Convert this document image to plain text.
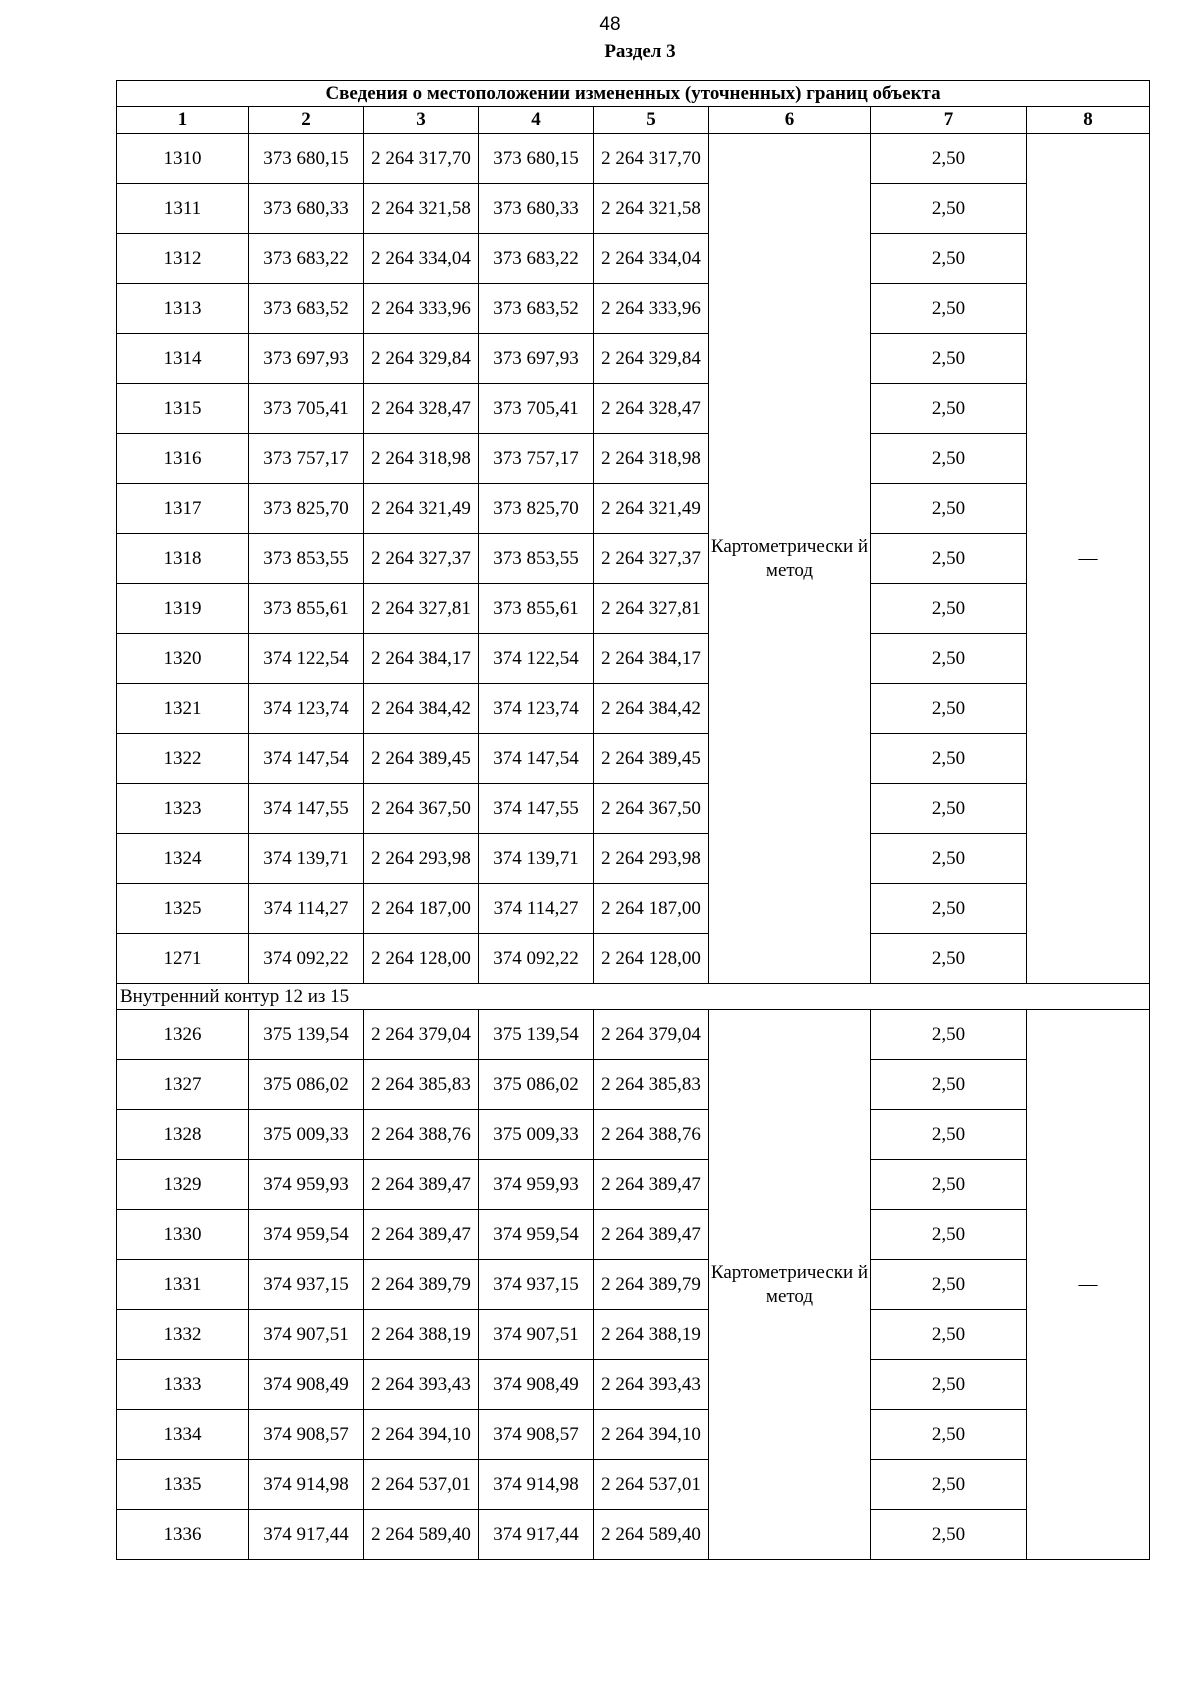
48
Раздел 3
Сведения о местоположении измененных (уточненных) границ объекта							
1	2	3	4	5	6	7	8
1310	373 680,15	2 264 317,70	373 680,15	2 264 317,70	Картометрически й метод	2,50	—
1311	373 680,33	2 264 321,58	373 680,33	2 264 321,58		2,50	
1312	373 683,22	2 264 334,04	373 683,22	2 264 334,04		2,50	
1313	373 683,52	2 264 333,96	373 683,52	2 264 333,96		2,50	
1314	373 697,93	2 264 329,84	373 697,93	2 264 329,84		2,50	
1315	373 705,41	2 264 328,47	373 705,41	2 264 328,47		2,50	
1316	373 757,17	2 264 318,98	373 757,17	2 264 318,98		2,50	
1317	373 825,70	2 264 321,49	373 825,70	2 264 321,49		2,50	
1318	373 853,55	2 264 327,37	373 853,55	2 264 327,37		2,50	
1319	373 855,61	2 264 327,81	373 855,61	2 264 327,81		2,50	
1320	374 122,54	2 264 384,17	374 122,54	2 264 384,17		2,50	
1321	374 123,74	2 264 384,42	374 123,74	2 264 384,42		2,50	
1322	374 147,54	2 264 389,45	374 147,54	2 264 389,45		2,50	
1323	374 147,55	2 264 367,50	374 147,55	2 264 367,50		2,50	
1324	374 139,71	2 264 293,98	374 139,71	2 264 293,98		2,50	
1325	374 114,27	2 264 187,00	374 114,27	2 264 187,00		2,50	
1271	374 092,22	2 264 128,00	374 092,22	2 264 128,00		2,50	
Внутренний контур 12 из 15							
1326	375 139,54	2 264 379,04	375 139,54	2 264 379,04	Картометрически й метод	2,50	—
1327	375 086,02	2 264 385,83	375 086,02	2 264 385,83		2,50	
1328	375 009,33	2 264 388,76	375 009,33	2 264 388,76		2,50	
1329	374 959,93	2 264 389,47	374 959,93	2 264 389,47		2,50	
1330	374 959,54	2 264 389,47	374 959,54	2 264 389,47		2,50	
1331	374 937,15	2 264 389,79	374 937,15	2 264 389,79		2,50	
1332	374 907,51	2 264 388,19	374 907,51	2 264 388,19		2,50	
1333	374 908,49	2 264 393,43	374 908,49	2 264 393,43		2,50	
1334	374 908,57	2 264 394,10	374 908,57	2 264 394,10		2,50	
1335	374 914,98	2 264 537,01	374 914,98	2 264 537,01		2,50	
1336	374 917,44	2 264 589,40	374 917,44	2 264 589,40		2,50	
